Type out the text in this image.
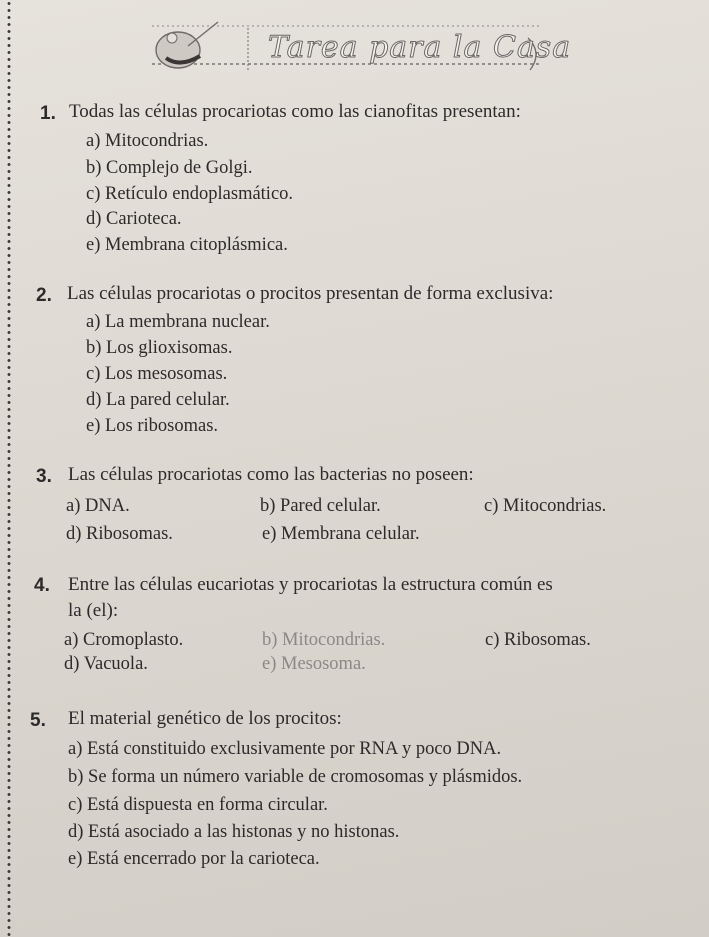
Tarea para la Casa
1. Todas las células procariotas como las cianofitas presentan:
a) Mitocondrias.
b) Complejo de Golgi.
c) Retículo endoplasmático.
d) Carioteca.
e) Membrana citoplásmica.
2. Las células procariotas o procitos presentan de forma exclusiva:
a) La membrana nuclear.
b) Los glioxisomas.
c) Los mesosomas.
d) La pared celular.
e) Los ribosomas.
3. Las células procariotas como las bacterias no poseen:
a) DNA.	b) Pared celular.	c) Mitocondrias.
d) Ribosomas.	e) Membrana celular.
4. Entre las células eucariotas y procariotas la estructura común es
la (el):
a) Cromoplasto.	b) Mitocondrias.	c) Ribosomas.
d) Vacuola.	e) Mesosoma.
5. El material genético de los procitos:
a) Está constituido exclusivamente por RNA y poco DNA.
b) Se forma un número variable de cromosomas y plásmidos.
c) Está dispuesta en forma circular.
d) Está asociado a las histonas y no histonas.
e) Está encerrado por la carioteca.
